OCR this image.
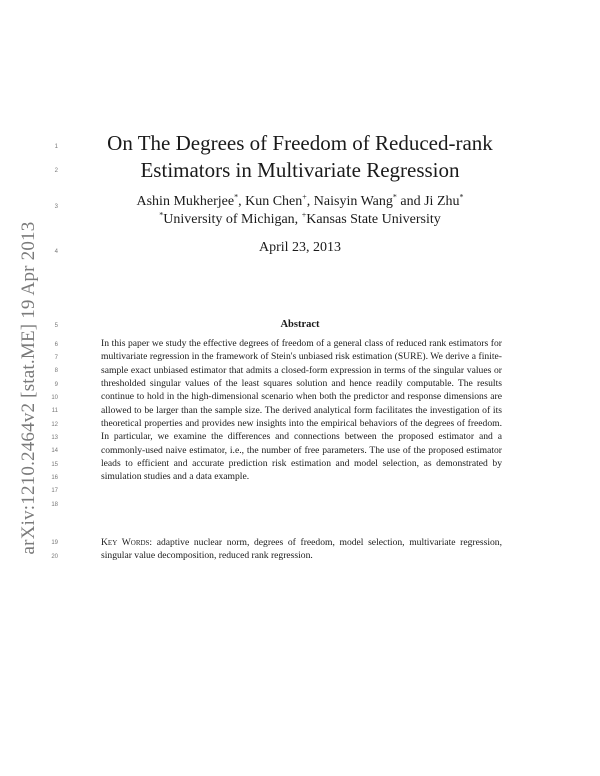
arXiv:1210.2464v2 [stat.ME] 19 Apr 2013
1
2
3
4
5
6
7
8
9
10
11
12
13
14
15
16
17
18
19
20
On The Degrees of Freedom of Reduced-rank
Estimators in Multivariate Regression
Ashin Mukherjee*, Kun Chen+, Naisyin Wang* and Ji Zhu*
*University of Michigan, +Kansas State University
April 23, 2013
Abstract
In this paper we study the effective degrees of freedom of a general class of reduced rank estimators for multivariate regression in the framework of Stein's unbiased risk estimation (SURE). We derive a finite-sample exact unbiased estimator that admits a closed-form expression in terms of the singular values or thresholded singular values of the least squares solution and hence readily computable. The results continue to hold in the high-dimensional scenario when both the predictor and response dimensions are allowed to be larger than the sample size. The derived analytical form facilitates the investigation of its theoretical properties and provides new insights into the empirical behaviors of the degrees of freedom. In particular, we examine the differences and connections between the proposed estimator and a commonly-used naive estimator, i.e., the number of free parameters. The use of the proposed estimator leads to efficient and accurate prediction risk estimation and model selection, as demonstrated by simulation studies and a data example.
Key Words: adaptive nuclear norm, degrees of freedom, model selection, multivariate regression, singular value decomposition, reduced rank regression.
